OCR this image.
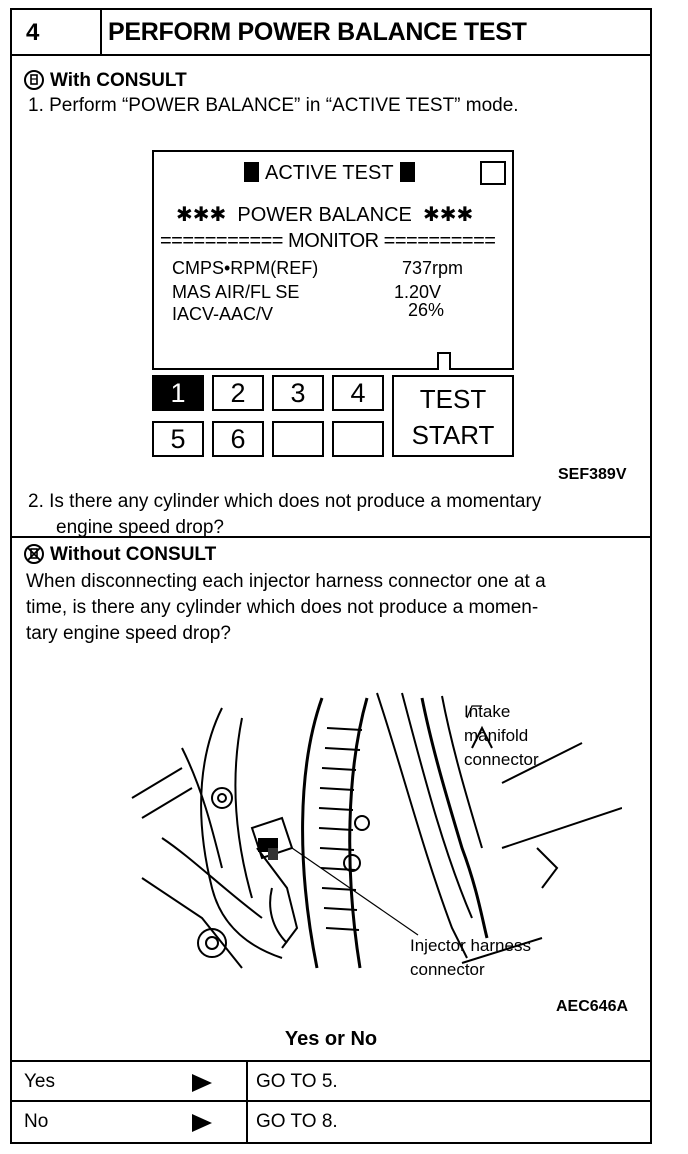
4	PERFORM POWER BALANCE TEST
With CONSULT
1. Perform “POWER BALANCE” in “ACTIVE TEST” mode.
ACTIVE TEST
✱✱✱  POWER BALANCE  ✱✱✱
=========== MONITOR ==========
CMPS•RPM(REF)	737rpm
MAS AIR/FL SE	1.20V
IACV-AAC/V	26%
1	2	3	4
5	6
TEST
START
SEF389V
2. Is there any cylinder which does not produce a momentary
engine speed drop?
Without CONSULT
When disconnecting each injector harness connector one at a
time, is there any cylinder which does not produce a momen-
tary engine speed drop?
Intake
manifold
connector
Injector harness
connector
AEC646A
Yes or No
Yes	GO TO 5.
No	GO TO 8.
